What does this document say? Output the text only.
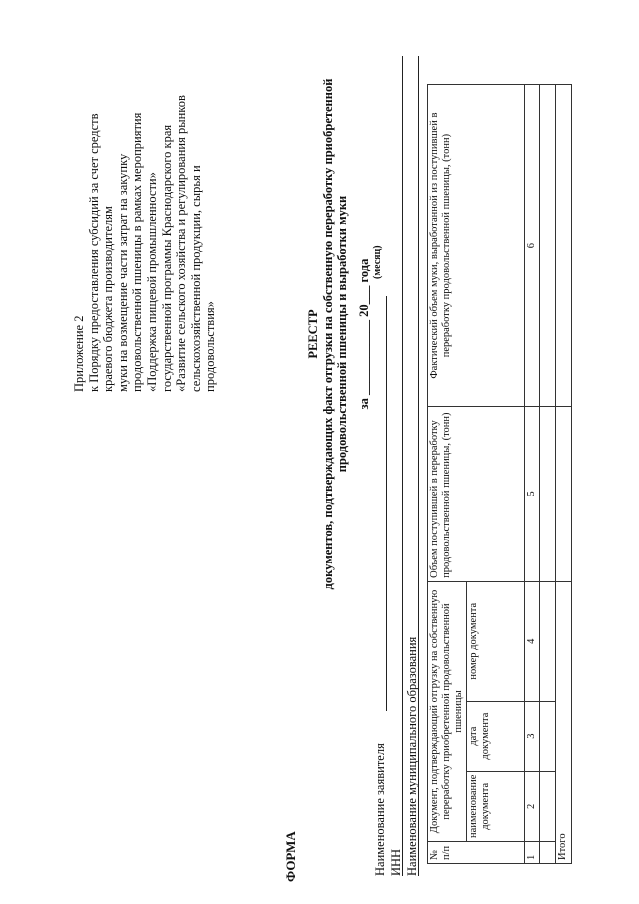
Приложение 2 к Порядку предоставления субсидий за счет средств краевого бюджета производителям муки на возмещение части затрат на закупку продовольственной пшеницы в рамках мероприятия «Поддержка пищевой промышленности» государственной программы Краснодарского края «Развитие сельского хозяйства и регулирования рынков сельскохозяйственной продукции, сырья и продовольствия»
ФОРМА
РЕЕСТР документов, подтверждающих факт отгрузки на собственную переработку приобретенной продовольственной пшеницы и выработки муки за ____________ 20___ года (месяц)
Наименование заявителя ИНН Наименование муниципального образования № п/п	Документ, подтверждающий отгрузку на собственную переработку приобретенной продовольственной пшеницы			Объем поступившей в переработку продовольственной пшеницы, (тонн)	Фактический объем муки, выработанной из поступившей в переработку продовольственной пшеницы, (тонн)
	наименование документа	дата документа	номер документа		
1	2	3	4	5	6

Итого					
